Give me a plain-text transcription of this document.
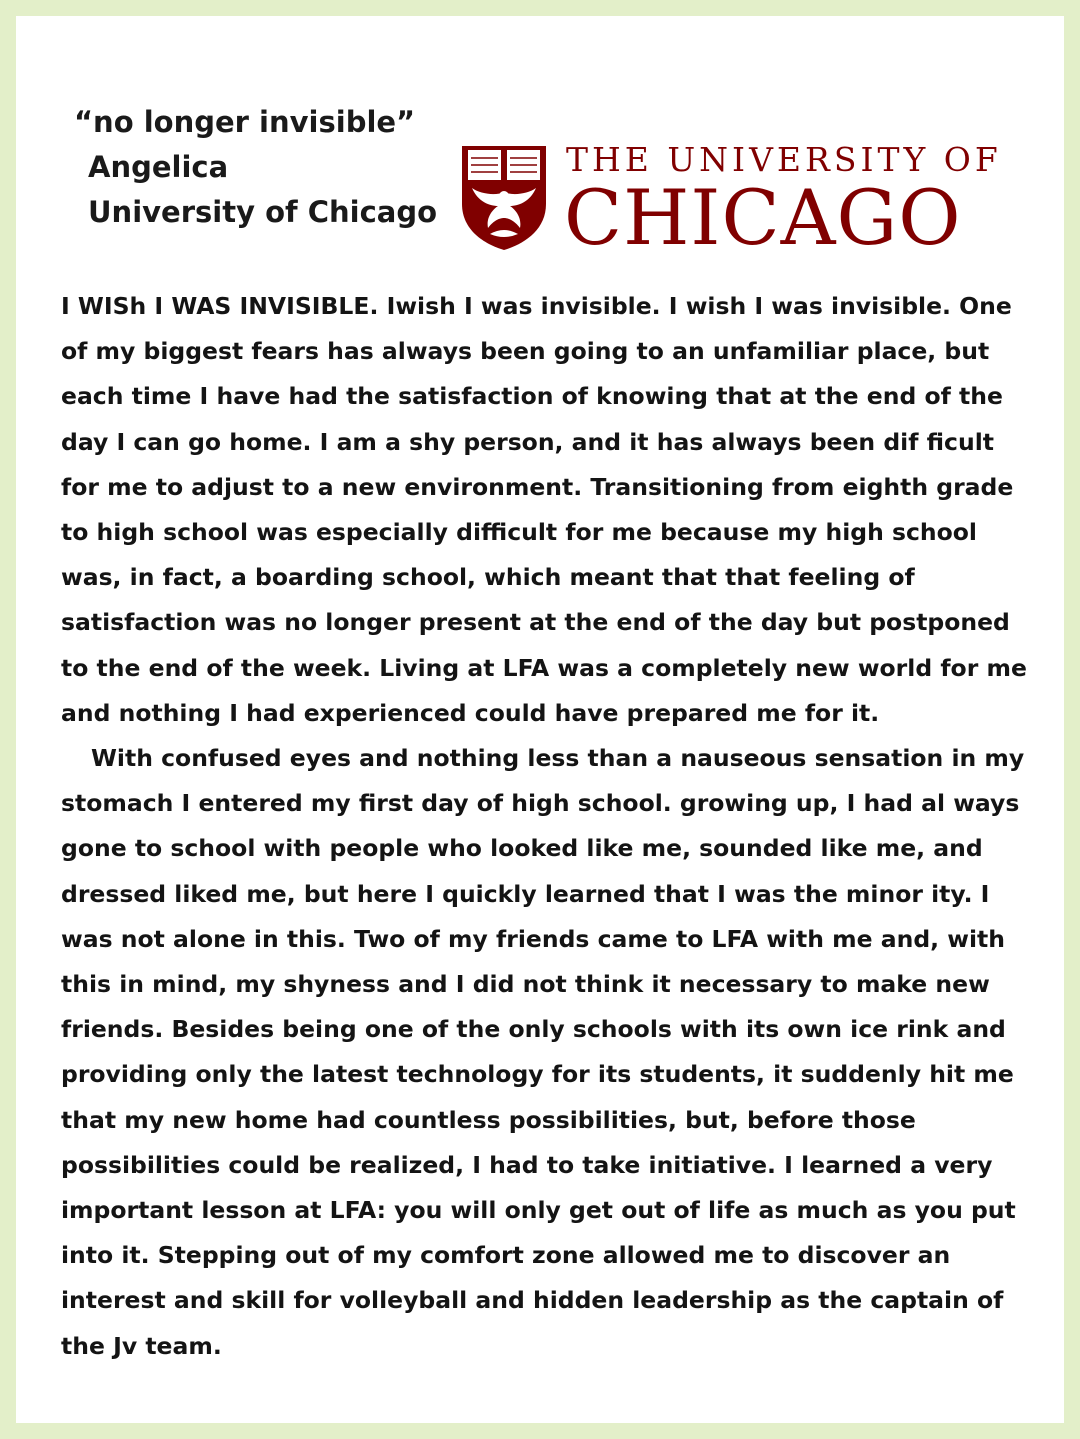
“no longer invisible”
Angelica
University of Chicago
THE UNIVERSITY OF
CHICAGO

I WISh I WAS INVISIBLE. Iwish I was invisible. I wish I was invisible. One of my biggest fears has always been going to an unfamiliar place, but each time I have had the satisfaction of knowing that at the end of the day I can go home. I am a shy person, and it has always been dif ficult for me to adjust to a new environment. Transitioning from eighth grade to high school was especially difficult for me because my high school was, in fact, a boarding school, which meant that that feeling of satisfaction was no longer present at the end of the day but postponed to the end of the week. Living at LFA was a completely new world for me and nothing I had experienced could have prepared me for it.

With confused eyes and nothing less than a nauseous sensation in my stomach I entered my first day of high school. growing up, I had al ways gone to school with people who looked like me, sounded like me, and dressed liked me, but here I quickly learned that I was the minor ity. I was not alone in this. Two of my friends came to LFA with me and, with this in mind, my shyness and I did not think it necessary to make new friends. Besides being one of the only schools with its own ice rink and providing only the latest technology for its students, it suddenly hit me that my new home had countless possibilities, but, before those possibilities could be realized, I had to take initiative. I learned a very important lesson at LFA: you will only get out of life as much as you put into it. Stepping out of my comfort zone allowed me to discover an interest and skill for volleyball and hidden leadership as the captain of the Jv team.
